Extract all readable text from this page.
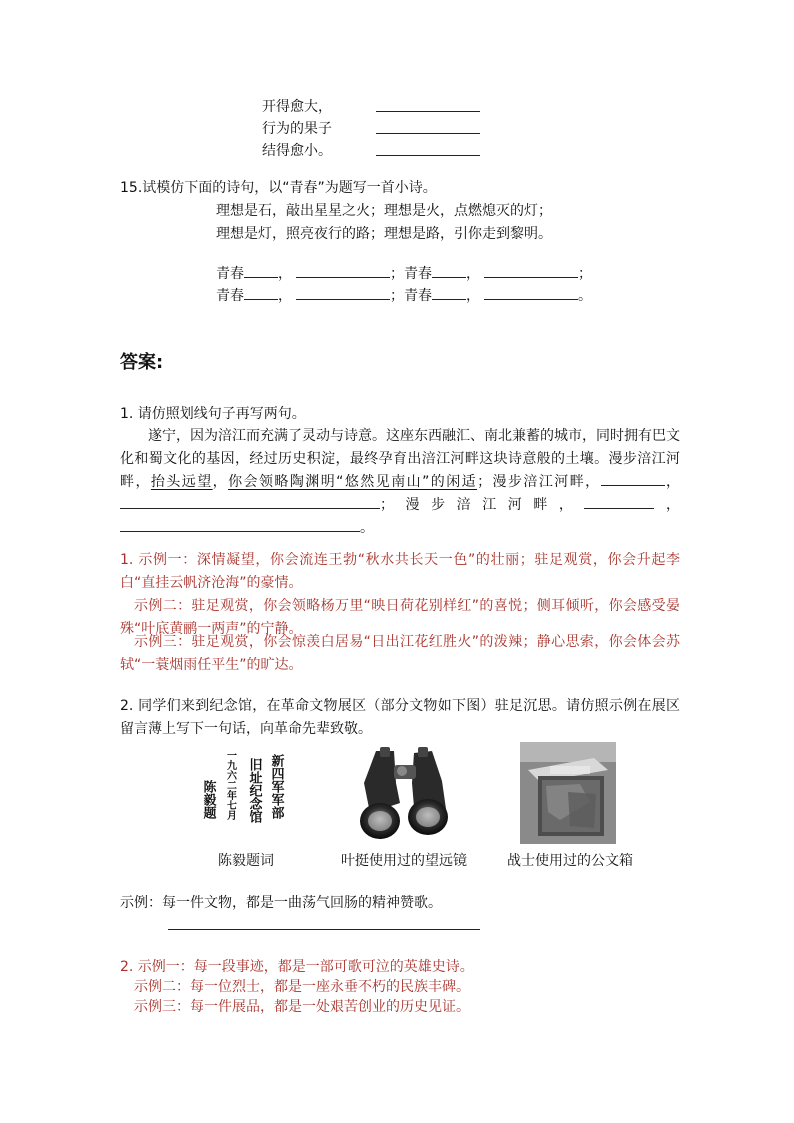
开得愈大，
行为的果子
结得愈小。
15.试模仿下面的诗句，以“青春”为题写一首小诗。
理想是石，敲出星星之火；理想是火，点燃熄灭的灯；
理想是灯，照亮夜行的路；理想是路，引你走到黎明。
青春 ，	；青春 ，	；
青春 ，	；青春 ，	。
答案:
1. 请仿照划线句子再写两句。
遂宁，因为涪江而充满了灵动与诗意。这座东西融汇、南北兼蓄的城市，同时拥有巴文化和蜀文化的基因，经过历史积淀，最终孕育出涪江河畔这块诗意般的土壤。漫步涪江河畔，抬头远望，你会领略陶渊明“悠然见南山”的闲适；漫步涪江河畔，	，；漫步涪江河畔，	，。
1. 示例一：深情凝望，你会流连王勃“秋水共长天一色”的壮丽；驻足观赏，你会升起李白“直挂云帆济沧海”的豪情。
示例二：驻足观赏，你会领略杨万里“映日荷花别样红”的喜悦；侧耳倾听，你会感受晏殊“叶底黄鹂一两声”的宁静。
示例三：驻足观赏，你会惊羡白居易“日出江花红胜火”的泼辣；静心思索，你会体会苏轼“一蓑烟雨任平生”的旷达。
2. 同学们来到纪念馆，在革命文物展区（部分文物如下图）驻足沉思。请仿照示例在展区留言薄上写下一句话，向革命先辈致敬。
新四军军部
旧址纪念馆
一九六二年七月
陈毅题
陈毅题词	叶挺使用过的望远镜	战士使用过的公文箱
示例：每一件文物，都是一曲荡气回肠的精神赞歌。
2. 示例一：每一段事迹，都是一部可歌可泣的英雄史诗。
示例二：每一位烈士，都是一座永垂不朽的民族丰碑。
示例三：每一件展品，都是一处艰苦创业的历史见证。
